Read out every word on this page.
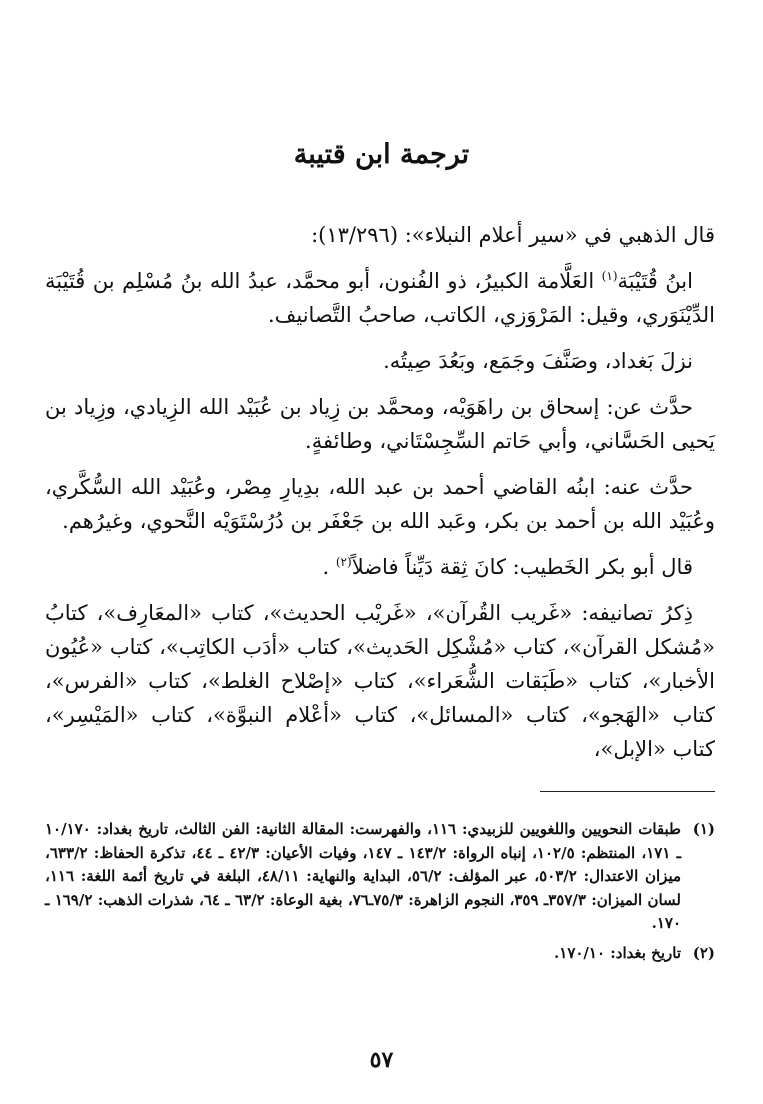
ترجمة ابن قتيبة

قال الذهبي في «سير أعلام النبلاء»: (١٣/٢٩٦):

ابنُ قُتَيْبَة$^{(١)}$ العَلَّامة الكبيرُ، ذو الفُنون، أبو محمَّد، عبدُ الله بنُ مُسْلِم بن قُتَيْبَة الدِّيْنَوَري، وقيل: المَرْوَزي، الكاتب، صاحبُ التَّصانيف.

نزلَ بَغداد، وصَنَّفَ وجَمَع، وبَعُدَ صِيتُه.

حدَّث عن: إسحاق بن راهَوَيْه، ومحمَّد بن زِياد بن عُبَيْد الله الزِيادي، وزِياد بن يَحيى الحَسَّاني، وأبي حَاتم السِّجِسْتَاني، وطائفةٍ.

حدَّث عنه: ابنُه القاضي أحمد بن عبد الله، بدِيارِ مِصْر، وعُبَيْد الله السُّكَّري، وعُبَيْد الله بن أحمد بن بكر، وعَبد الله بن جَعْفَر بن دُرُسْتَوَيْه النَّحوي، وغيرُهم.

قال أبو بكر الخَطيب: كانَ ثِقة دَيِّناً فاضلاً$^{(٢)}$ .

ذِكرُ تصانيفه: «غَريب القُرآن»، «غَريْب الحديث»، كتاب «المعَارِف»، كتابُ «مُشكل القرآن»، كتاب «مُشْكِل الحَديث»، كتاب «أدَب الكاتِب»، كتاب «عُيُون الأخبار»، كتاب «طَبَقات الشُّعَراء»، كتاب «إصْلاح الغلط»، كتاب «الفرس»، كتاب «الهَجو»، كتاب «المسائل»، كتاب «أعْلام النبوَّة»، كتاب «المَيْسِر»، كتاب «الإبل»،

(١)
طبقات النحويين واللغويين للزبيدي: ١١٦، والفهرست: المقالة الثانية: الفن الثالث، تاريخ بغداد: ١٠/١٧٠ ـ ١٧١، المنتظم: ١٠٢/٥، إنباه الرواة: ١٤٣/٢ ـ ١٤٧، وفيات الأعيان: ٤٢/٣ ـ ٤٤، تذكرة الحفاظ: ٦٣٣/٢، ميزان الاعتدال: ٥٠٣/٢، عبر المؤلف: ٥٦/٢، البداية والنهاية: ٤٨/١١، البلغة في تاريخ أئمة اللغة: ١١٦، لسان الميزان: ٣٥٧/٣ـ ٣٥٩، النجوم الزاهرة: ٧٥/٣ـ٧٦، بغية الوعاة: ٦٣/٢ ـ ٦٤، شذرات الذهب: ١٦٩/٢ ـ ١٧٠.
(٢)
تاريخ بغداد: ١٧٠/١٠.
٥٧
